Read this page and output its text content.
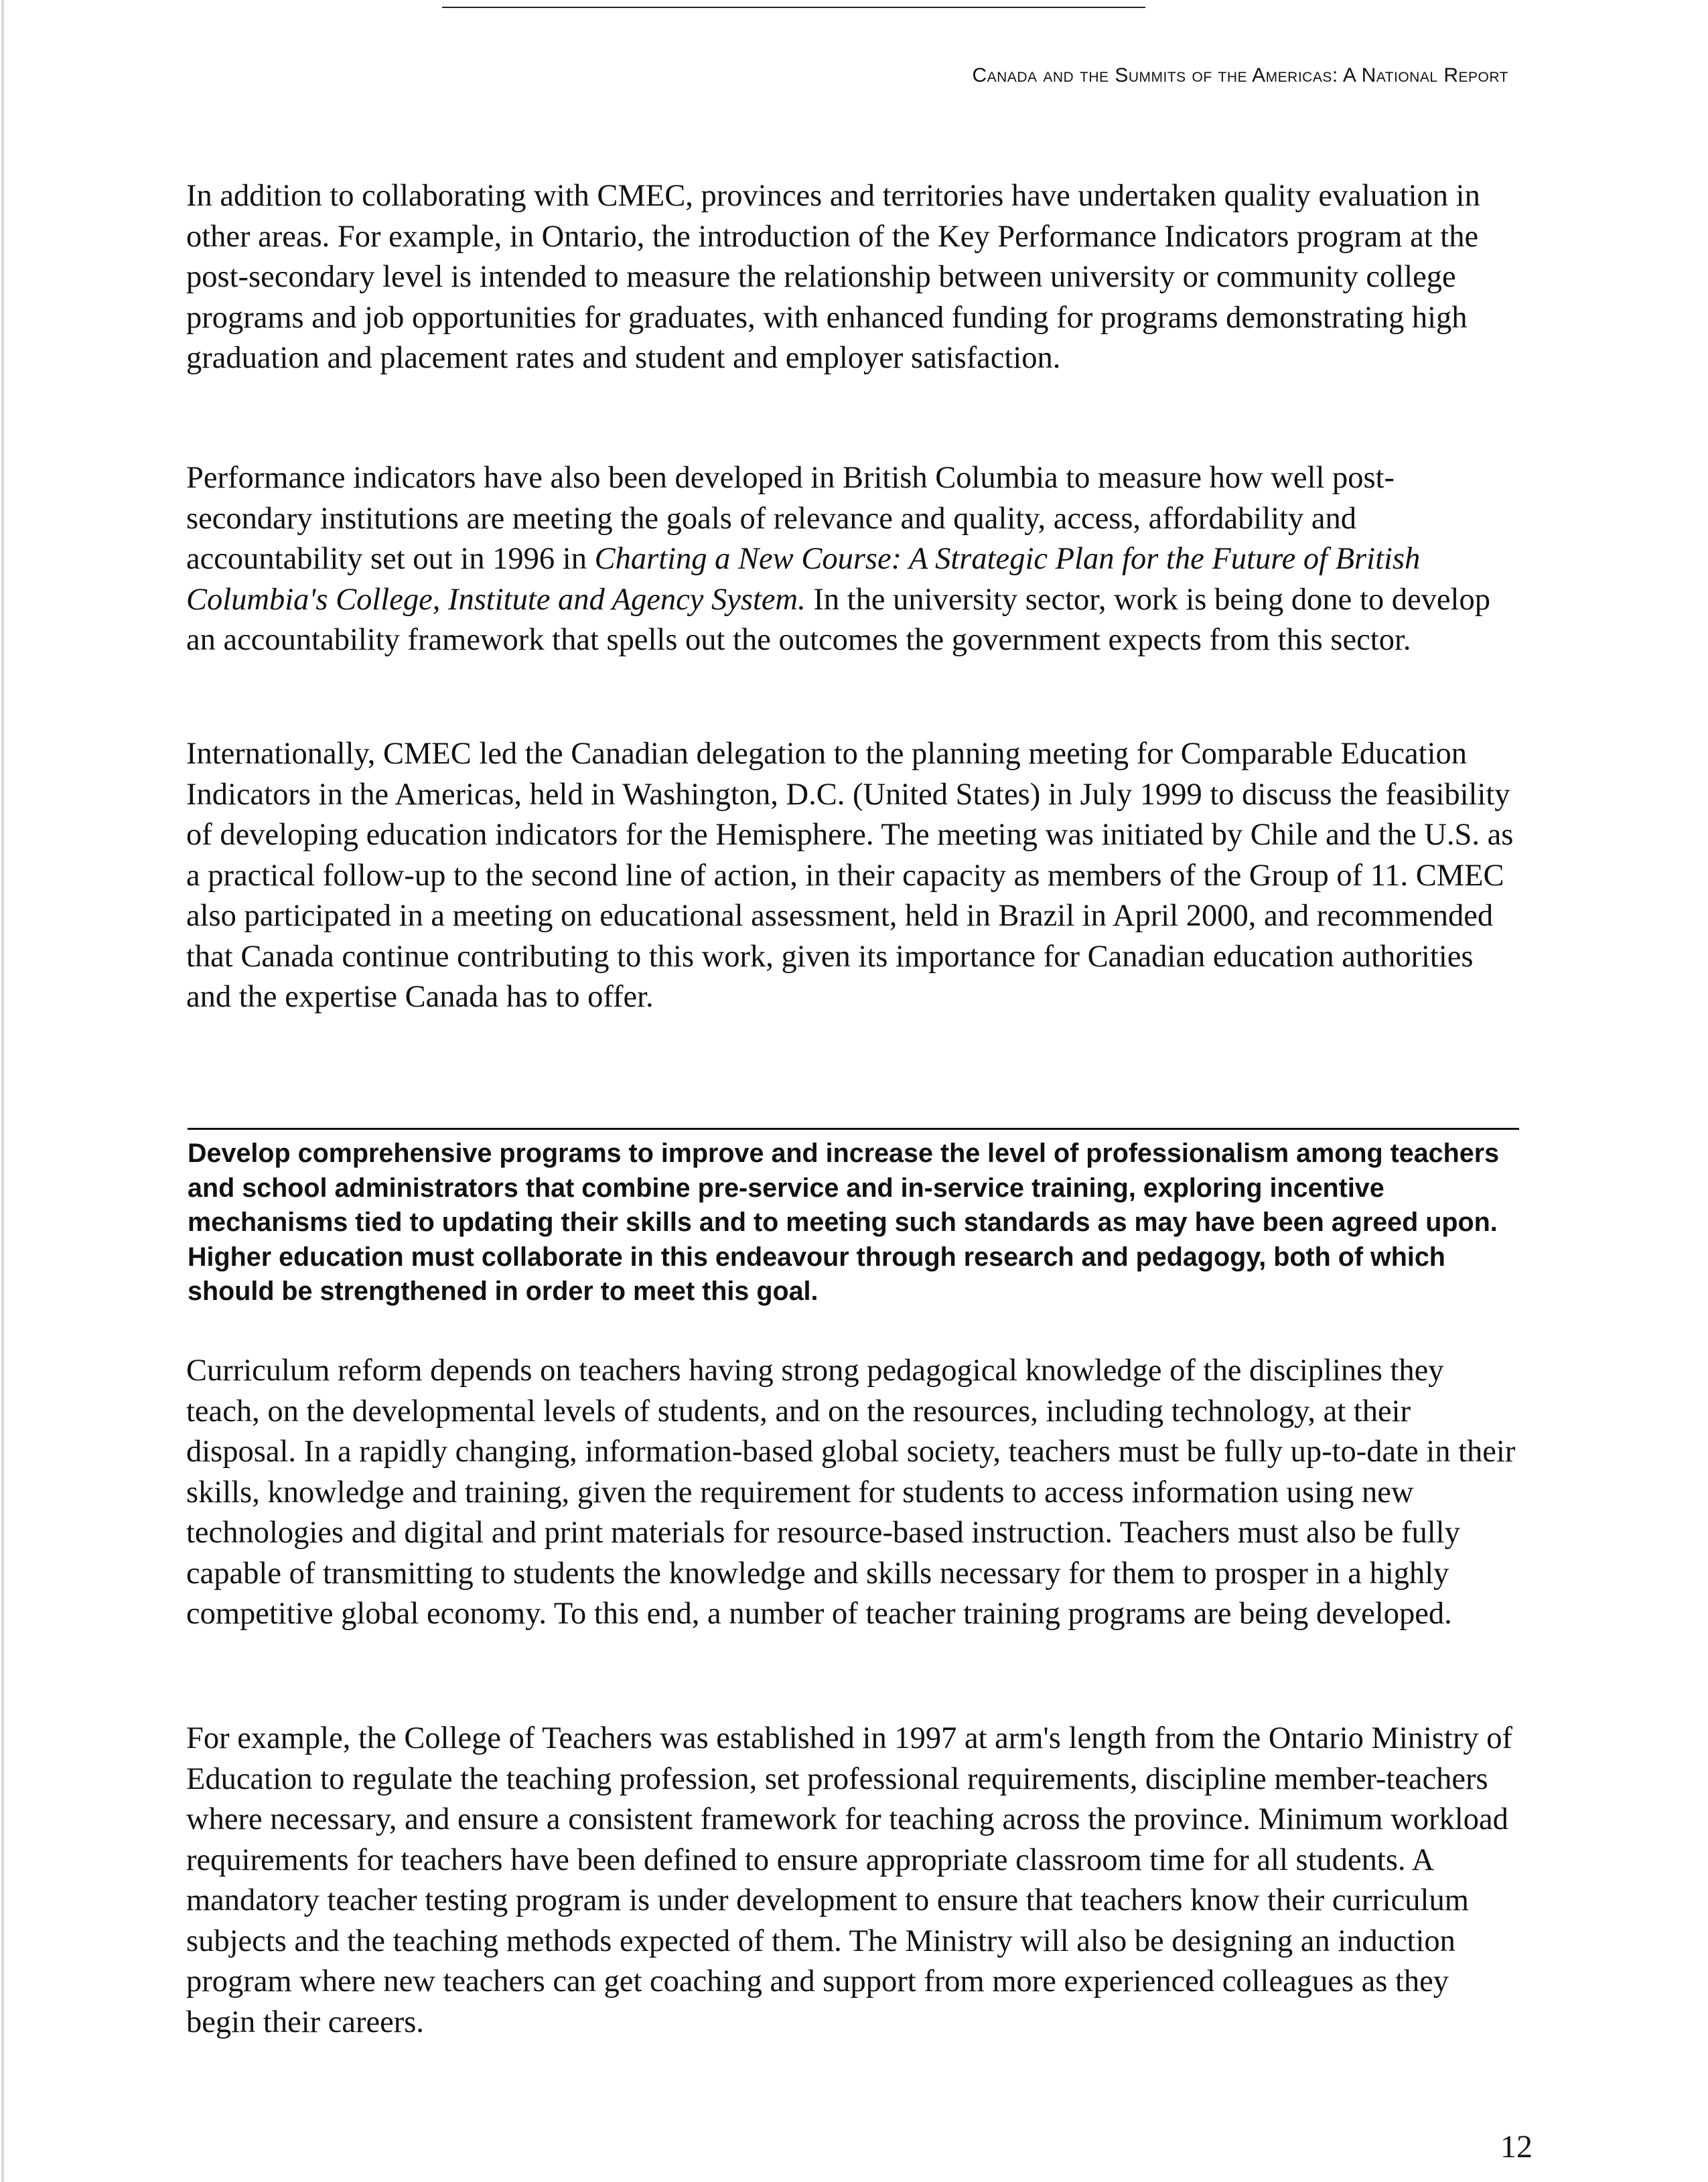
Canada and the Summits of the Americas: A National Report

In addition to collaborating with CMEC, provinces and territories have undertaken quality evaluation in other areas. For example, in Ontario, the introduction of the Key Performance Indicators program at the post-secondary level is intended to measure the relationship between university or community college programs and job opportunities for graduates, with enhanced funding for programs demonstrating high graduation and placement rates and student and employer satisfaction.

Performance indicators have also been developed in British Columbia to measure how well post-secondary institutions are meeting the goals of relevance and quality, access, affordability and accountability set out in 1996 in Charting a New Course: A Strategic Plan for the Future of British Columbia's College, Institute and Agency System. In the university sector, work is being done to develop an accountability framework that spells out the outcomes the government expects from this sector.

Internationally, CMEC led the Canadian delegation to the planning meeting for Comparable Education Indicators in the Americas, held in Washington, D.C. (United States) in July 1999 to discuss the feasibility of developing education indicators for the Hemisphere. The meeting was initiated by Chile and the U.S. as a practical follow-up to the second line of action, in their capacity as members of the Group of 11. CMEC also participated in a meeting on educational assessment, held in Brazil in April 2000, and recommended that Canada continue contributing to this work, given its importance for Canadian education authorities and the expertise Canada has to offer.

Develop comprehensive programs to improve and increase the level of professionalism among teachers and school administrators that combine pre-service and in-service training, exploring incentive mechanisms tied to updating their skills and to meeting such standards as may have been agreed upon. Higher education must collaborate in this endeavour through research and pedagogy, both of which should be strengthened in order to meet this goal.

Curriculum reform depends on teachers having strong pedagogical knowledge of the disciplines they teach, on the developmental levels of students, and on the resources, including technology, at their disposal. In a rapidly changing, information-based global society, teachers must be fully up-to-date in their skills, knowledge and training, given the requirement for students to access information using new technologies and digital and print materials for resource-based instruction. Teachers must also be fully capable of transmitting to students the knowledge and skills necessary for them to prosper in a highly competitive global economy. To this end, a number of teacher training programs are being developed.

For example, the College of Teachers was established in 1997 at arm's length from the Ontario Ministry of Education to regulate the teaching profession, set professional requirements, discipline member-teachers where necessary, and ensure a consistent framework for teaching across the province. Minimum workload requirements for teachers have been defined to ensure appropriate classroom time for all students. A mandatory teacher testing program is under development to ensure that teachers know their curriculum subjects and the teaching methods expected of them. The Ministry will also be designing an induction program where new teachers can get coaching and support from more experienced colleagues as they begin their careers.

12
